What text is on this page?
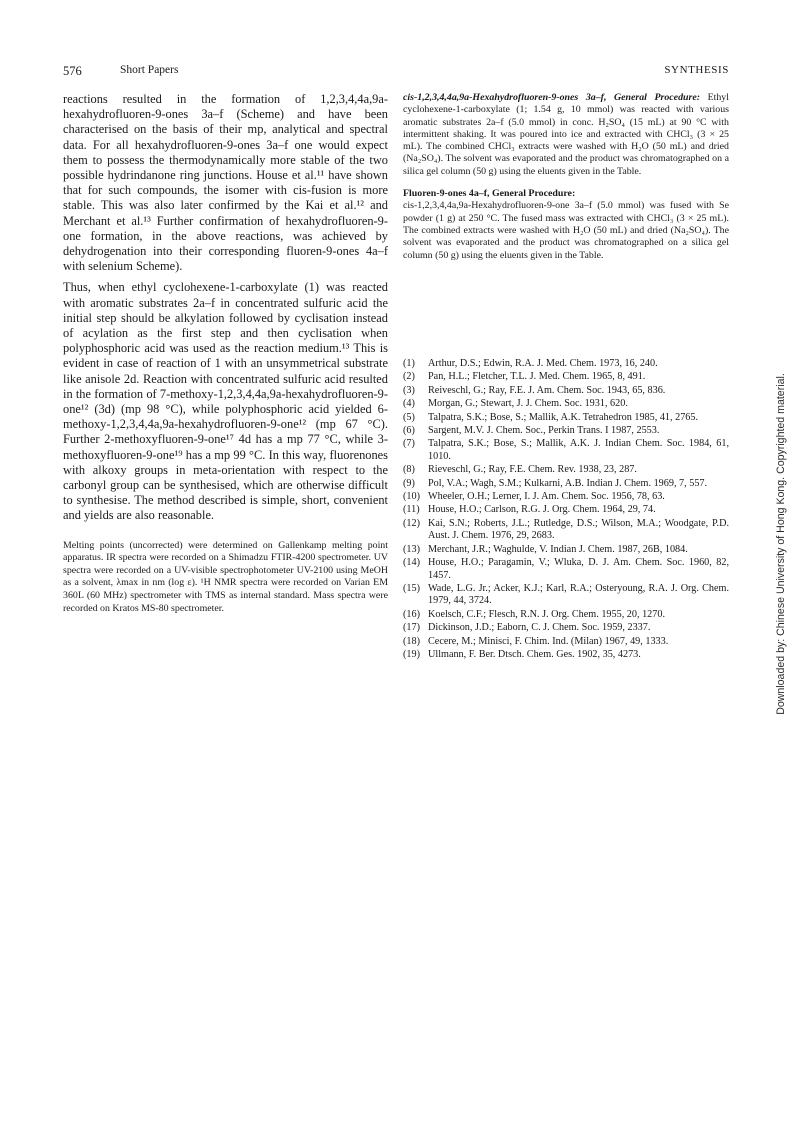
576	Short Papers	SYNTHESIS

reactions resulted in the formation of 1,2,3,4,4a,9a-hexahydrofluoren-9-ones 3a–f (Scheme) and have been characterised on the basis of their mp, analytical and spectral data. For all hexahydrofluoren-9-ones 3a–f one would expect them to possess the thermodynamically more stable of the two possible hydrindanone ring junctions. House et al.¹¹ have shown that for such compounds, the isomer with cis-fusion is more stable. This was also later confirmed by the Kai et al.¹² and Merchant et al.¹³ Further confirmation of hexahydrofluoren-9-one formation, in the above reactions, was achieved by dehydrogenation into their corresponding fluoren-9-ones 4a–f with selenium Scheme).

Thus, when ethyl cyclohexene-1-carboxylate (1) was reacted with aromatic substrates 2a–f in concentrated sulfuric acid the initial step should be alkylation followed by cyclisation instead of acylation as the first step and then cyclisation when polyphosphoric acid was used as the reaction medium.¹³ This is evident in case of reaction of 1 with an unsymmetrical substrate like anisole 2d. Reaction with concentrated sulfuric acid resulted in the formation of 7-methoxy-1,2,3,4,4a,9a-hexahydrofluoren-9-one¹² (3d) (mp 98 °C), while polyphosphoric acid yielded 6-methoxy-1,2,3,4,4a,9a-hexahydrofluoren-9-one¹² (mp 67 °C). Further 2-methoxyfluoren-9-one¹⁷ 4d has a mp 77 °C, while 3-methoxyfluoren-9-one¹⁹ has a mp 99 °C. In this way, fluorenones with alkoxy groups in meta-orientation with respect to the carbonyl group can be synthesised, which are otherwise difficult to synthesise. The method described is simple, short, convenient and yields are also reasonable.

Melting points (uncorrected) were determined on Gallenkamp melting point apparatus. IR spectra were recorded on a Shimadzu FTIR-4200 spectrometer. UV spectra were recorded on a UV-visible spectrophotometer UV-2100 using MeOH as a solvent, λmax in nm (log ε). ¹H NMR spectra were recorded on Varian EM 360L (60 MHz) spectrometer with TMS as internal standard. Mass spectra were recorded on Kratos MS-80 spectrometer.

cis-1,2,3,4,4a,9a-Hexahydrofluoren-9-ones 3a–f, General Procedure: Ethyl cyclohexene-1-carboxylate (1; 1.54 g, 10 mmol) was reacted with various aromatic substrates 2a–f (5.0 mmol) in conc. H₂SO₄ (15 mL) at 90 °C with intermittent shaking. It was poured into ice and extracted with CHCl₃ (3 × 25 mL). The combined CHCl₃ extracts were washed with H₂O (50 mL) and dried (Na₂SO₄). The solvent was evaporated and the product was chromatographed on a silica gel column (50 g) using the eluents given in the Table.

Fluoren-9-ones 4a–f, General Procedure:
cis-1,2,3,4,4a,9a-Hexahydrofluoren-9-one 3a–f (5.0 mmol) was fused with Se powder (1 g) at 250 °C. The fused mass was extracted with CHCl₃ (3 × 25 mL). The combined extracts were washed with H₂O (50 mL) and dried (Na₂SO₄). The solvent was evaporated and the product was chromatographed on a silica gel column (50 g) using the eluents given in the Table.

(1) Arthur, D.S.; Edwin, R.A. J. Med. Chem. 1973, 16, 240.
(2) Pan, H.L.; Fletcher, T.L. J. Med. Chem. 1965, 8, 491.
(3) Reiveschl, G.; Ray, F.E. J. Am. Chem. Soc. 1943, 65, 836.
(4) Morgan, G.; Stewart, J. J. Chem. Soc. 1931, 620.
(5) Talpatra, S.K.; Bose, S.; Mallik, A.K. Tetrahedron 1985, 41, 2765.
(6) Sargent, M.V. J. Chem. Soc., Perkin Trans. I 1987, 2553.
(7) Talpatra, S.K.; Bose, S.; Mallik, A.K. J. Indian Chem. Soc. 1984, 61, 1010.
(8) Rieveschl, G.; Ray, F.E. Chem. Rev. 1938, 23, 287.
(9) Pol, V.A.; Wagh, S.M.; Kulkarni, A.B. Indian J. Chem. 1969, 7, 557.
(10) Wheeler, O.H.; Lerner, I. J. Am. Chem. Soc. 1956, 78, 63.
(11) House, H.O.; Carlson, R.G. J. Org. Chem. 1964, 29, 74.
(12) Kai, S.N.; Roberts, J.L.; Rutledge, D.S.; Wilson, M.A.; Woodgate, P.D. Aust. J. Chem. 1976, 29, 2683.
(13) Merchant, J.R.; Waghulde, V. Indian J. Chem. 1987, 26B, 1084.
(14) House, H.O.; Paragamin, V.; Wluka, D. J. Am. Chem. Soc. 1960, 82, 1457.
(15) Wade, L.G. Jr.; Acker, K.J.; Karl, R.A.; Osteryoung, R.A. J. Org. Chem. 1979, 44, 3724.
(16) Koelsch, C.F.; Flesch, R.N. J. Org. Chem. 1955, 20, 1270.
(17) Dickinson, J.D.; Eaborn, C. J. Chem. Soc. 1959, 2337.
(18) Cecere, M.; Minisci, F. Chim. Ind. (Milan) 1967, 49, 1333.
(19) Ullmann, F. Ber. Dtsch. Chem. Ges. 1902, 35, 4273.	Downloaded by: Chinese University of Hong Kong. Copyrighted material.
